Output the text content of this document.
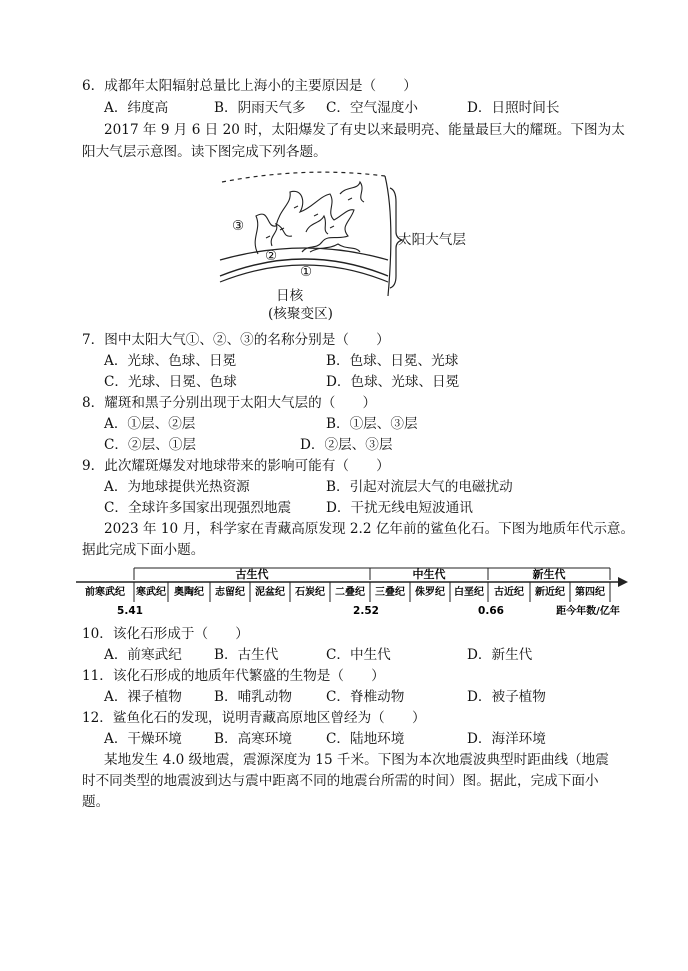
6．成都年太阳辐射总量比上海小的主要原因是（　　）
A．纬度高	B．阴雨天气多 C．空气湿度小	D．日照时间长
2017 年 9 月 6 日 20 时，太阳爆发了有史以来最明亮、能量最巨大的耀斑。下图为太
阳大气层示意图。读下图完成下列各题。
太阳大气层
③
②
①
日核
(核聚变区)
7．图中太阳大气①、②、③的名称分别是（　　）
A．光球、色球、日冕	B．色球、日冕、光球
C．光球、日冕、色球	D．色球、光球、日冕
8．耀斑和黑子分别出现于太阳大气层的（　　）
A．①层、②层	B．①层、③层
C．②层、①层	D．②层、③层
9．此次耀斑爆发对地球带来的影响可能有（　　）
A．为地球提供光热资源	B．引起对流层大气的电磁扰动
C．全球许多国家出现强烈地震	D．干扰无线电短波通讯
2023 年 10 月，科学家在青藏高原发现 2.2 亿年前的鲨鱼化石。下图为地质年代示意。
据此完成下面小题。
古生代	中生代	新生代
前寒武纪 寒武纪 奥陶纪 志留纪 泥盆纪 石炭纪 二叠纪 三叠纪 侏罗纪 白垩纪 古近纪 新近纪 第四纪
5.41	2.52	0.66	距今年数/亿年
10．该化石形成于（　　）
A．前寒武纪 B．古生代	C．中生代	D．新生代
11．该化石形成的地质年代繁盛的生物是（　　）
A．裸子植物 B．哺乳动物	C．脊椎动物	D．被子植物
12．鲨鱼化石的发现，说明青藏高原地区曾经为（　　）
A．干燥环境 B．高寒环境	C．陆地环境	D．海洋环境
某地发生 4.0 级地震，震源深度为 15 千米。下图为本次地震波典型时距曲线（地震
时不同类型的地震波到达与震中距离不同的地震台所需的时间）图。据此，完成下面小
题。
